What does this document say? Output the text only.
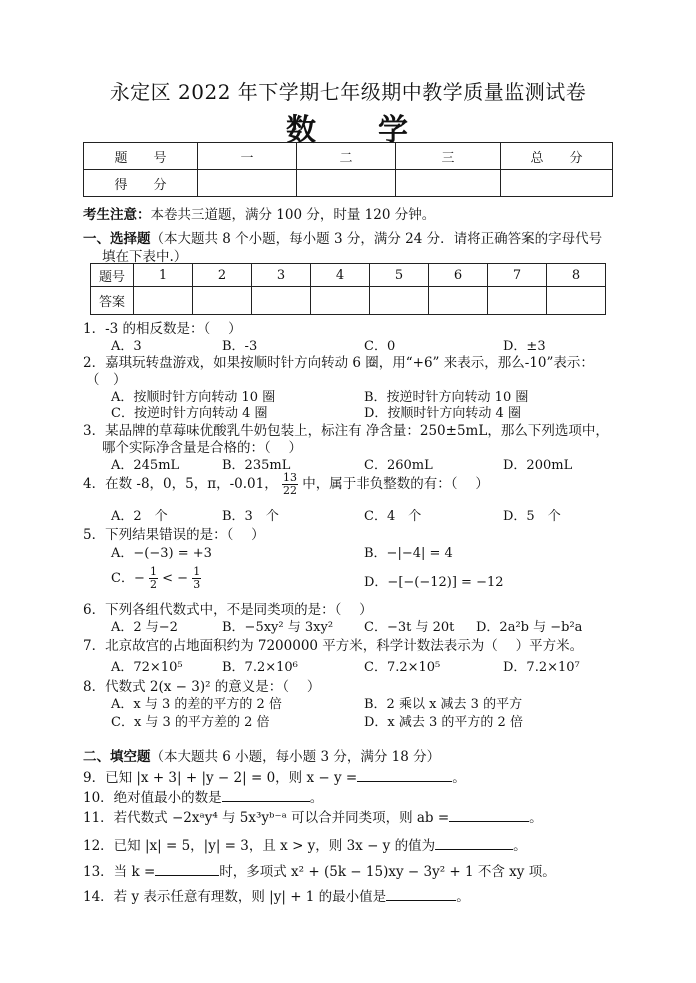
永定区 2022 年下学期七年级期中教学质量监测试卷
数 学
题　　号	一	二	三	总　　分
得　　分				
考生注意：本卷共三道题，满分 100 分，时量 120 分钟。
一、选择题（本大题共 8 个小题，每小题 3 分，满分 24 分．请将正确答案的字母代号
填在下表中.）
题号	1	2	3	4	5	6	7	8
答案								
1．-3 的相反数是：（　 ）
A．3	B．-3	C．0	D．±3
2．嘉琪玩转盘游戏，如果按顺时针方向转动 6 圈，用“+6” 来表示，那么-10”表示：
（　）
A．按顺时针方向转动 10 圈	B．按逆时针方向转动 10 圈
C．按逆时针方向转动 4 圈	D．按顺时针方向转动 4 圈
3．某品牌的草莓味优酸乳牛奶包装上，标注有 净含量：250±5mL，那么下列选项中，
哪个实际净含量是合格的：（　 ）
A．245mL	B．235mL	C．260mL	D．200mL
4．在数 -8，0，5，π，-0.01， $\frac{13}{22}$ 中，属于非负整数的有：（　 ）
A．2　个	B．3　个	C．4　个	D．5　个
5．下列结果错误的是：（　 ）
A．−(−3) = +3	B．−|−4| = 4
C．− $\frac{1}{2}$ < − $\frac{1}{3}$	D．−[−(−12)] = −12
6．下列各组代数式中，不是同类项的是：（　 ）
A．2 与−2	B．−5xy² 与 3xy² C．−3t 与 20t D．2a²b 与 −b²a
7．北京故宫的占地面积约为 7200000 平方米，科学计数法表示为（　 ）平方米。
A．72×10⁵	B．7.2×10⁶	C．7.2×10⁵	D．7.2×10⁷
8．代数式 2(x − 3)² 的意义是：（　 ）
A．x 与 3 的差的平方的 2 倍	B．2 乘以 x 减去 3 的平方
C．x 与 3 的平方差的 2 倍	D．x 减去 3 的平方的 2 倍
二、填空题（本大题共 6 小题，每小题 3 分，满分 18 分）
9．已知 |x + 3| + |y − 2| = 0，则 x − y =	。
10．绝对值最小的数是	。
11．若代数式 −2xᵃy⁴ 与 5x³yᵇ⁻ᵃ 可以合并同类项，则 ab =	。
12．已知 |x| = 5，|y| = 3，且 x > y，则 3x − y 的值为	。
13．当 k =	时，多项式 x² + (5k − 15)xy − 3y² + 1 不含 xy 项。
14．若 y 表示任意有理数，则 |y| + 1 的最小值是	。
